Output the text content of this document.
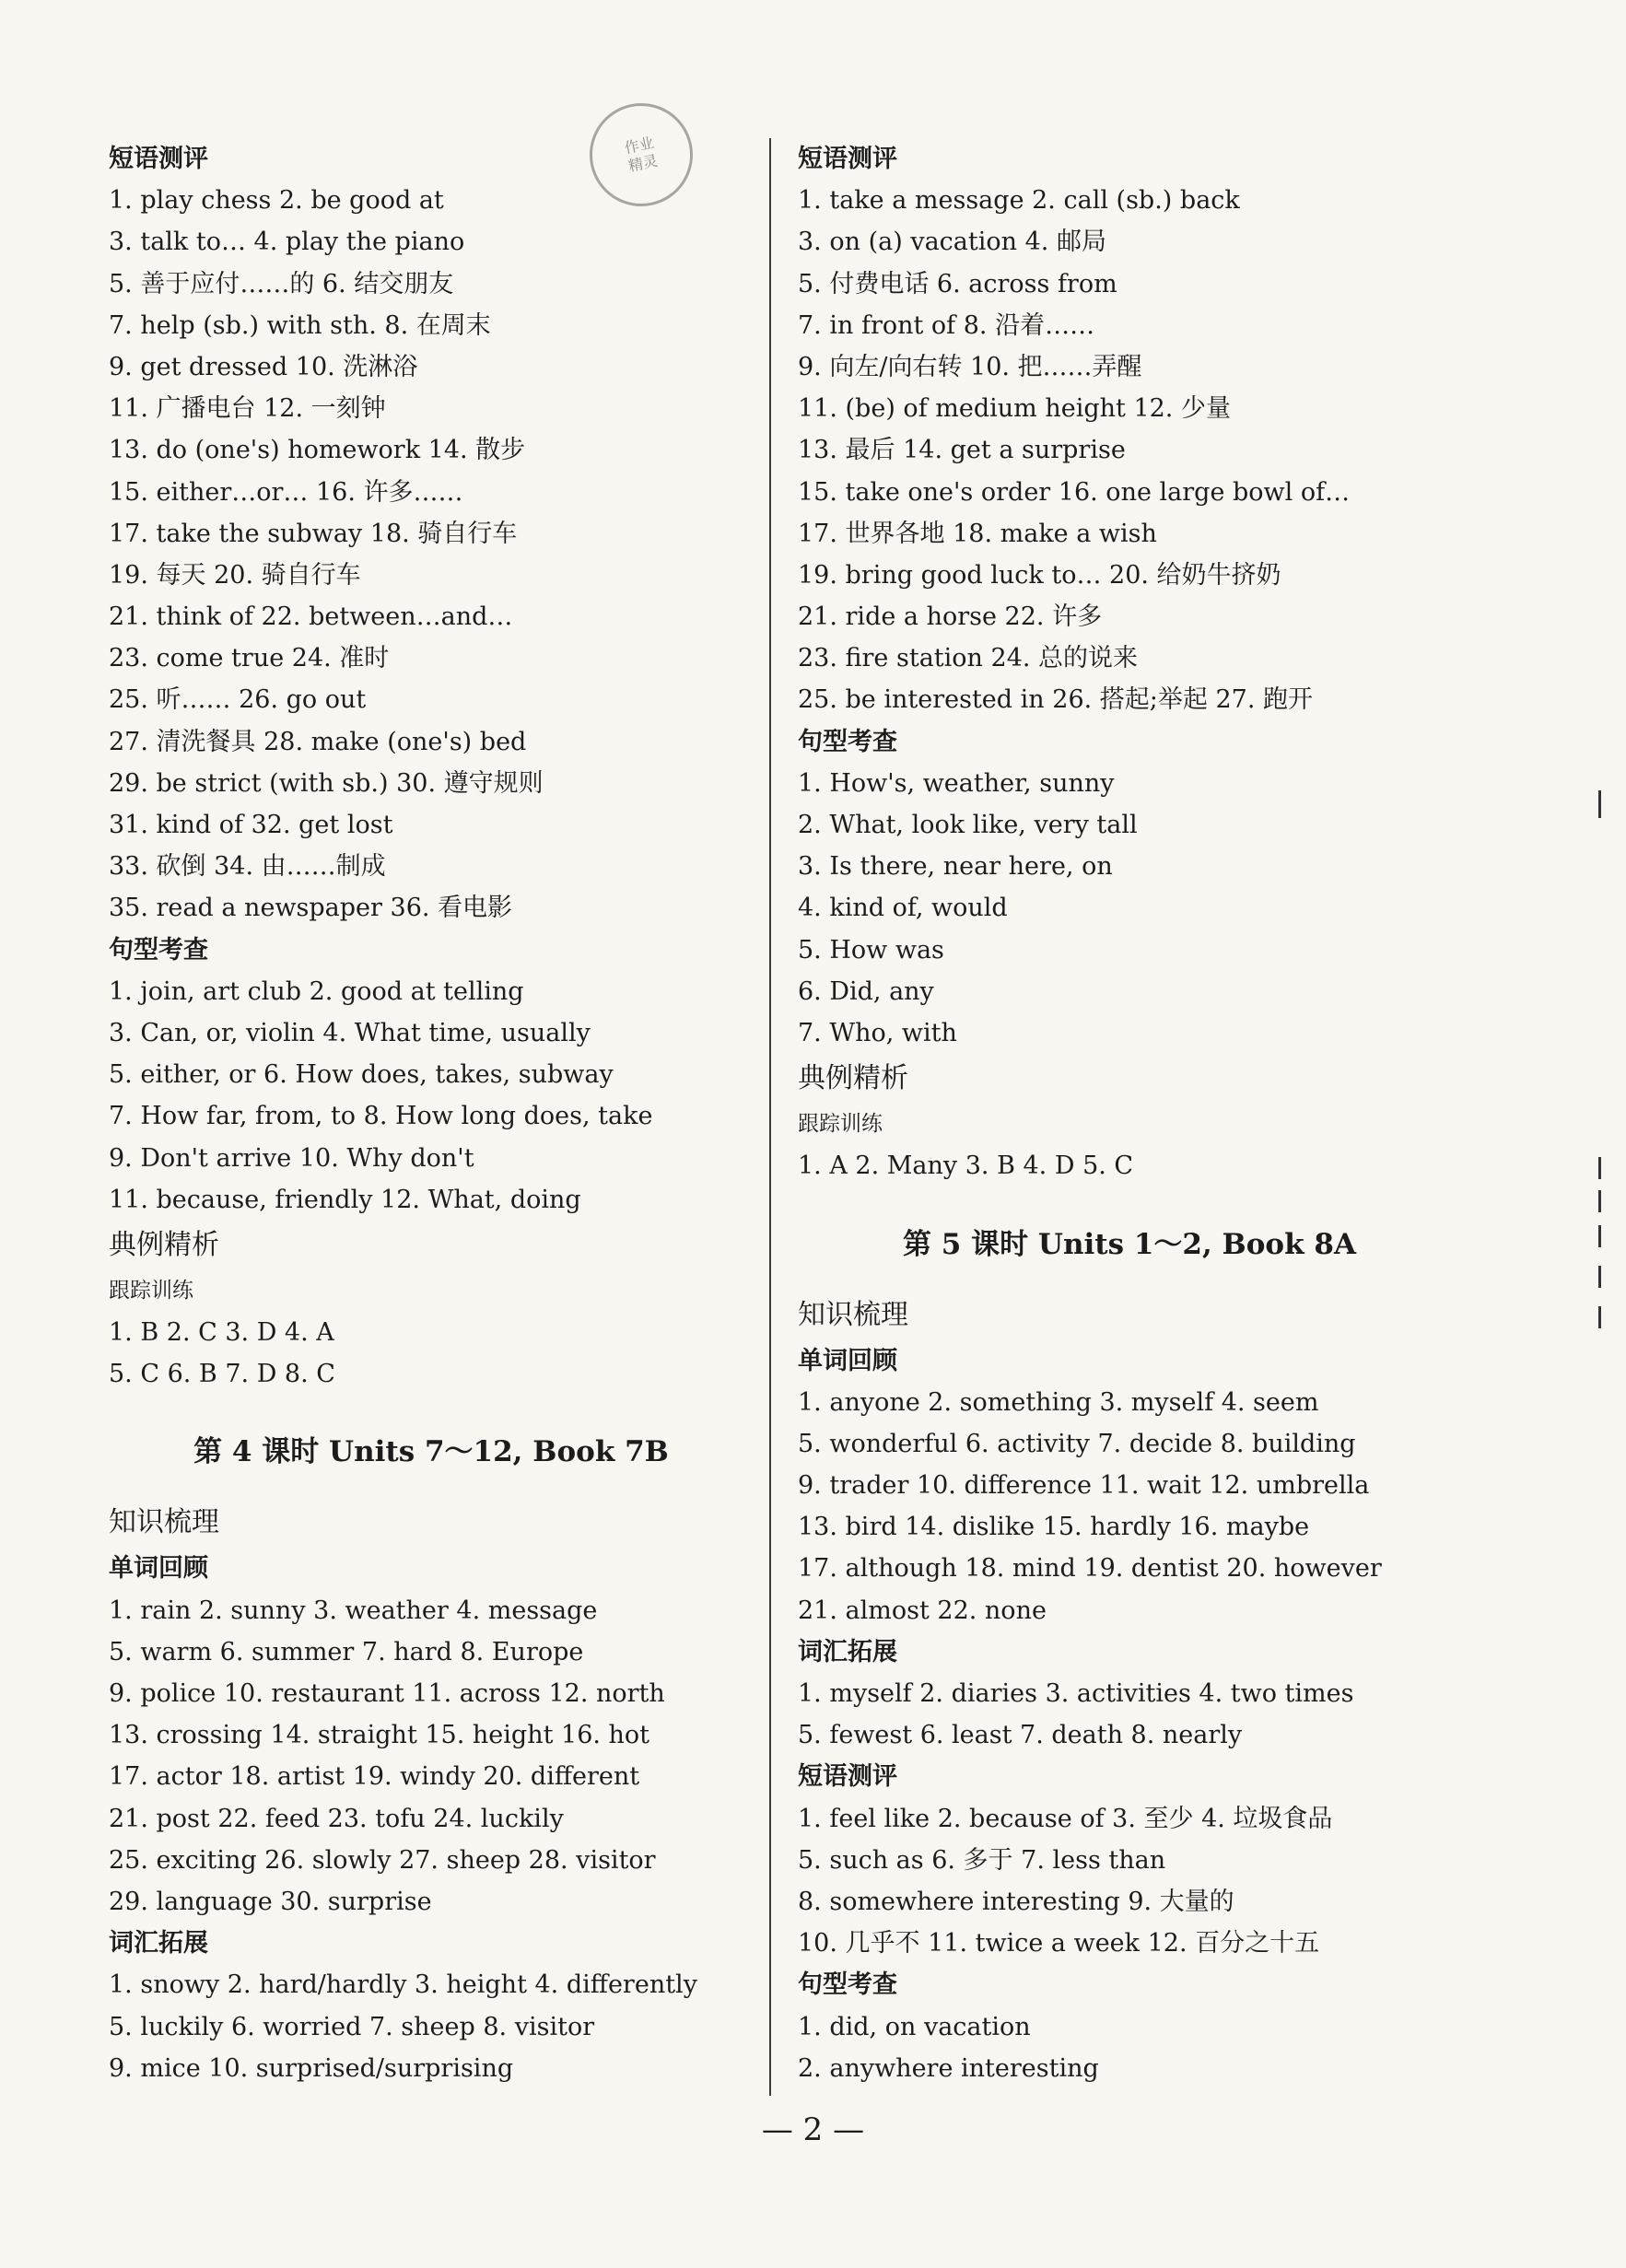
作业
精灵
短语测评
1. play chess 2. be good at
3. talk to… 4. play the piano
5. 善于应付……的 6. 结交朋友
7. help (sb.) with sth. 8. 在周末
9. get dressed 10. 洗淋浴
11. 广播电台 12. 一刻钟
13. do (one's) homework 14. 散步
15. either…or… 16. 许多……
17. take the subway 18. 骑自行车
19. 每天 20. 骑自行车
21. think of 22. between…and…
23. come true 24. 准时
25. 听…… 26. go out
27. 清洗餐具 28. make (one's) bed
29. be strict (with sb.) 30. 遵守规则
31. kind of 32. get lost
33. 砍倒 34. 由……制成
35. read a newspaper 36. 看电影
句型考查
1. join, art club 2. good at telling
3. Can, or, violin 4. What time, usually
5. either, or 6. How does, takes, subway
7. How far, from, to 8. How long does, take
9. Don't arrive 10. Why don't
11. because, friendly 12. What, doing
典例精析
跟踪训练
1. B 2. C 3. D 4. A
5. C 6. B 7. D 8. C
第 4 课时 Units 7～12, Book 7B
知识梳理
单词回顾
1. rain 2. sunny 3. weather 4. message
5. warm 6. summer 7. hard 8. Europe
9. police 10. restaurant 11. across 12. north
13. crossing 14. straight 15. height 16. hot
17. actor 18. artist 19. windy 20. different
21. post 22. feed 23. tofu 24. luckily
25. exciting 26. slowly 27. sheep 28. visitor
29. language 30. surprise
词汇拓展
1. snowy 2. hard/hardly 3. height 4. differently
5. luckily 6. worried 7. sheep 8. visitor
9. mice 10. surprised/surprising
短语测评
1. take a message 2. call (sb.) back
3. on (a) vacation 4. 邮局
5. 付费电话 6. across from
7. in front of 8. 沿着……
9. 向左/向右转 10. 把……弄醒
11. (be) of medium height 12. 少量
13. 最后 14. get a surprise
15. take one's order 16. one large bowl of…
17. 世界各地 18. make a wish
19. bring good luck to… 20. 给奶牛挤奶
21. ride a horse 22. 许多
23. fire station 24. 总的说来
25. be interested in 26. 搭起;举起 27. 跑开
句型考查
1. How's, weather, sunny
2. What, look like, very tall
3. Is there, near here, on
4. kind of, would
5. How was
6. Did, any
7. Who, with
典例精析
跟踪训练
1. A 2. Many 3. B 4. D 5. C
第 5 课时 Units 1～2, Book 8A
知识梳理
单词回顾
1. anyone 2. something 3. myself 4. seem
5. wonderful 6. activity 7. decide 8. building
9. trader 10. difference 11. wait 12. umbrella
13. bird 14. dislike 15. hardly 16. maybe
17. although 18. mind 19. dentist 20. however
21. almost 22. none
词汇拓展
1. myself 2. diaries 3. activities 4. two times
5. fewest 6. least 7. death 8. nearly
短语测评
1. feel like 2. because of 3. 至少 4. 垃圾食品
5. such as 6. 多于 7. less than
8. somewhere interesting 9. 大量的
10. 几乎不 11. twice a week 12. 百分之十五
句型考查
1. did, on vacation
2. anywhere interesting
— 2 —
